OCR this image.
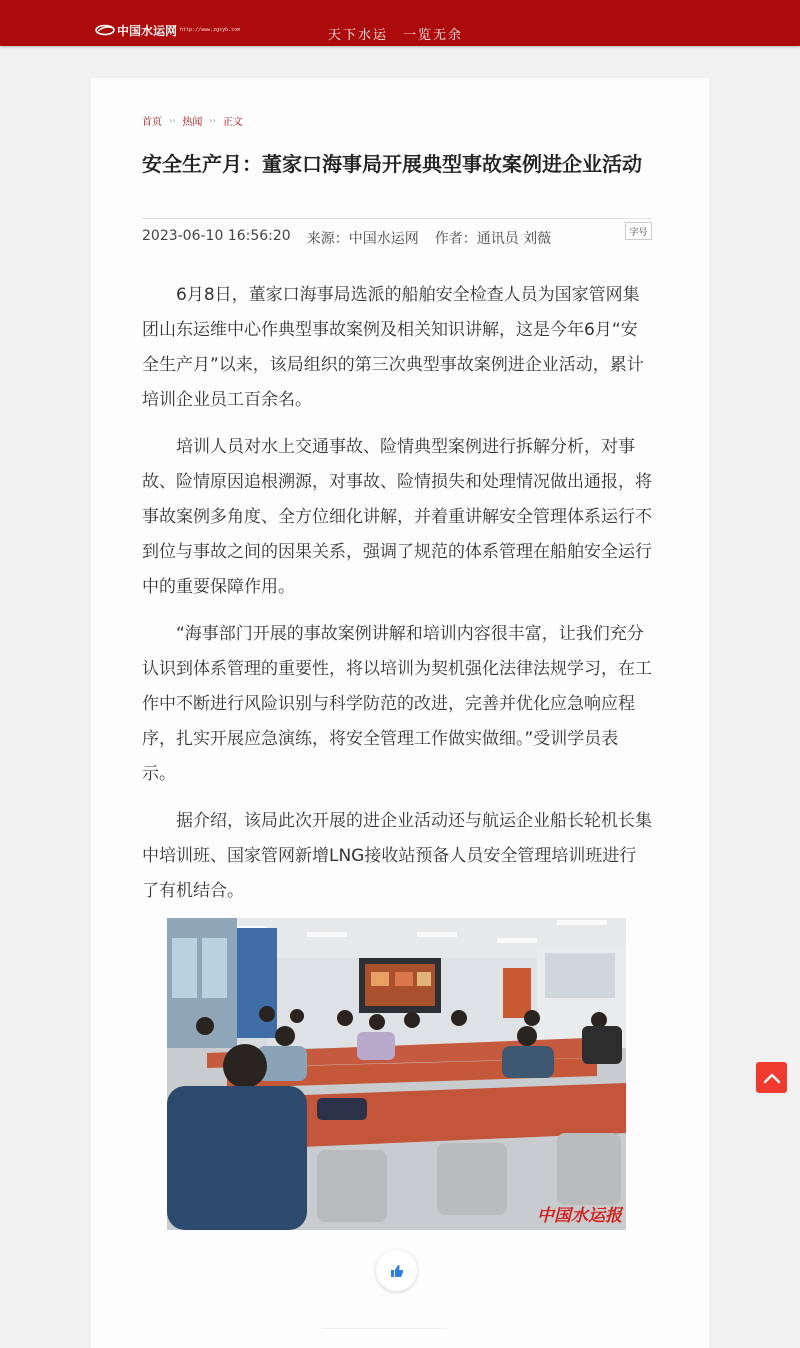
中国水运网 http://www.zgsyb.com	天下水运　一览无余
首页 ›› 热闻 ›› 正文
安全生产月：董家口海事局开展典型事故案例进企业活动
2023-06-10 16:56:20 来源：中国水运网 作者：通讯员 刘薇	字号

6月8日，董家口海事局选派的船舶安全检查人员为国家管网集团山东运维中心作典型事故案例及相关知识讲解，这是今年6月“安全生产月”以来，该局组织的第三次典型事故案例进企业活动，累计培训企业员工百余名。

培训人员对水上交通事故、险情典型案例进行拆解分析，对事故、险情原因追根溯源，对事故、险情损失和处理情况做出通报，将事故案例多角度、全方位细化讲解，并着重讲解安全管理体系运行不到位与事故之间的因果关系，强调了规范的体系管理在船舶安全运行中的重要保障作用。

“海事部门开展的事故案例讲解和培训内容很丰富，让我们充分认识到体系管理的重要性，将以培训为契机强化法律法规学习，在工作中不断进行风险识别与科学防范的改进，完善并优化应急响应程序，扎实开展应急演练，将安全管理工作做实做细。”受训学员表示。

据介绍，该局此次开展的进企业活动还与航运企业船长轮机长集中培训班、国家管网新增LNG接收站预备人员安全管理培训班进行了有机结合。

中国水运报
